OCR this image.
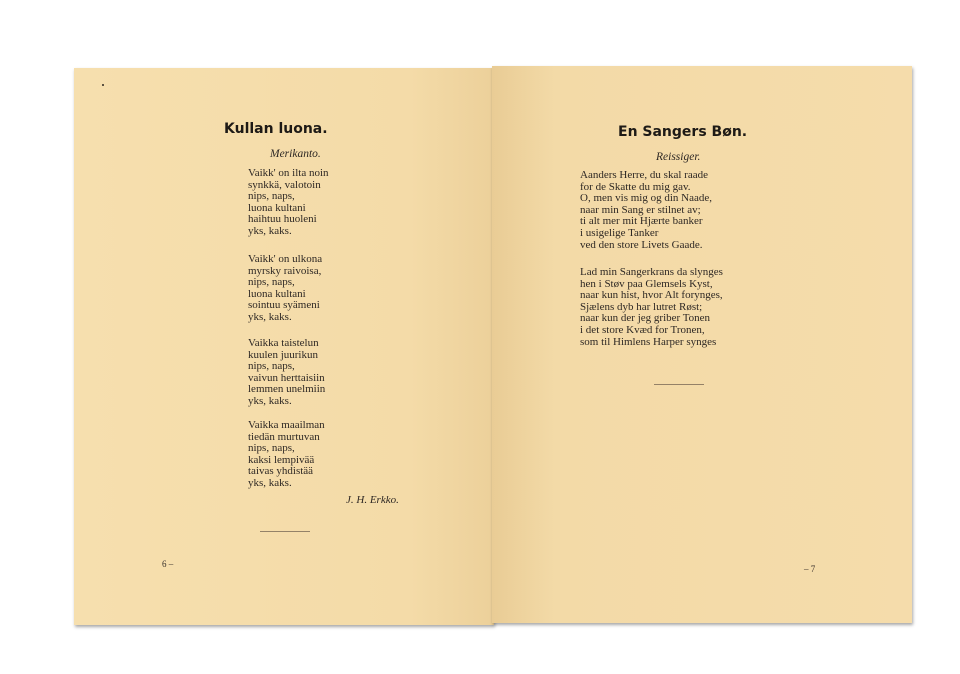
Kullan luona.
Merikanto.
Vaikk' on ilta noin
synkkä, valotoin
nips, naps,
luona kultani
haihtuu huoleni
yks, kaks.
Vaikk' on ulkona
myrsky raivoisa,
nips, naps,
luona kultani
sointuu syämeni
yks, kaks.
Vaikka taistelun
kuulen juurikun
nips, naps,
vaivun herttaisiin
lemmen unelmiin
yks, kaks.
Vaikka maailman
tiedän murtuvan
nips, naps,
kaksi lempivää
taivas yhdistää
yks, kaks.
J. H. Erkko.
6 –
En Sangers Bøn.
Reissiger.
Aanders Herre, du skal raade
for de Skatte du mig gav.
O, men vis mig og din Naade,
naar min Sang er stilnet av;
ti alt mer mit Hjærte banker
i usigelige Tanker
ved den store Livets Gaade.
Lad min Sangerkrans da slynges
hen i Støv paa Glemsels Kyst,
naar kun hist, hvor Alt forynges,
Sjælens dyb har lutret Røst;
naar kun der jeg griber Tonen
i det store Kvæd for Tronen,
som til Himlens Harper synges
– 7
